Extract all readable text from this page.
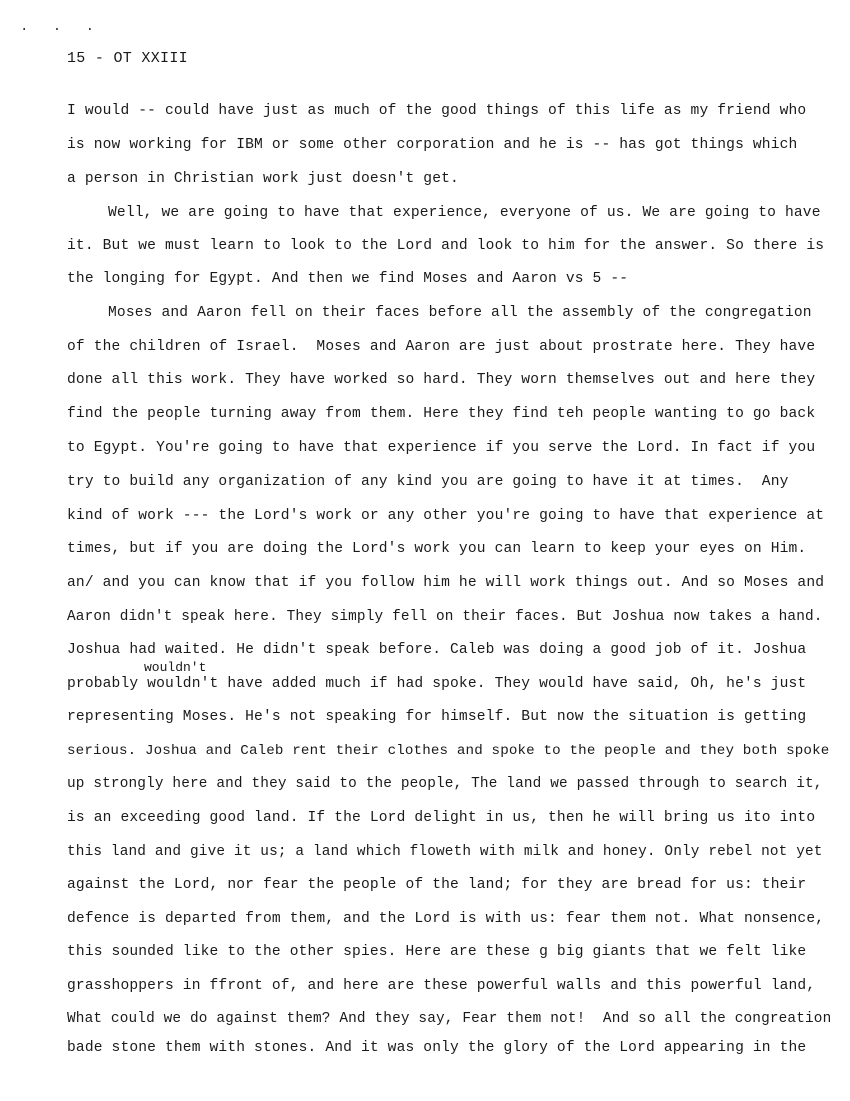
· · ·
15 - OT XXIII
wouldn't
I would -- could have just as much of the good things of this life as my friend who
is now working for IBM or some other corporation and he is -- has got things which
a person in Christian work just doesn't get.
Well, we are going to have that experience, everyone of us. We are going to have
it. But we must learn to look to the Lord and look to him for the answer. So there is
the longing for Egypt. And then we find Moses and Aaron vs 5 --
Moses and Aaron fell on their faces before all the assembly of the congregation
of the children of Israel.  Moses and Aaron are just about prostrate here. They have
done all this work. They have worked so hard. They worn themselves out and here they
find the people turning away from them. Here they find teh people wanting to go back
to Egypt. You're going to have that experience if you serve the Lord. In fact if you
try to build any organization of any kind you are going to have it at times.  Any
kind of work --- the Lord's work or any other you're going to have that experience at
times, but if you are doing the Lord's work you can learn to keep your eyes on Him.
an/ and you can know that if you follow him he will work things out. And so Moses and
Aaron didn't speak here. They simply fell on their faces. But Joshua now takes a hand.
Joshua had waited. He didn't speak before. Caleb was doing a good job of it. Joshua
probably wouldn't have added much if had spoke. They would have said, Oh, he's just
representing Moses. He's not speaking for himself. But now the situation is getting
serious. Joshua and Caleb rent their clothes and spoke to the people and they both spoke
up strongly here and they said to the people, The land we passed through to search it,
is an exceeding good land. If the Lord delight in us, then he will bring us ito into
this land and give it us; a land which floweth with milk and honey. Only rebel not yet
against the Lord, nor fear the people of the land; for they are bread for us: their
defence is departed from them, and the Lord is with us: fear them not. What nonsence,
this sounded like to the other spies. Here are these g big giants that we felt like
grasshoppers in ffront of, and here are these powerful walls and this powerful land,
What could we do against them? And they say, Fear them not!  And so all the congreation
bade stone them with stones. And it was only the glory of the Lord appearing in the
